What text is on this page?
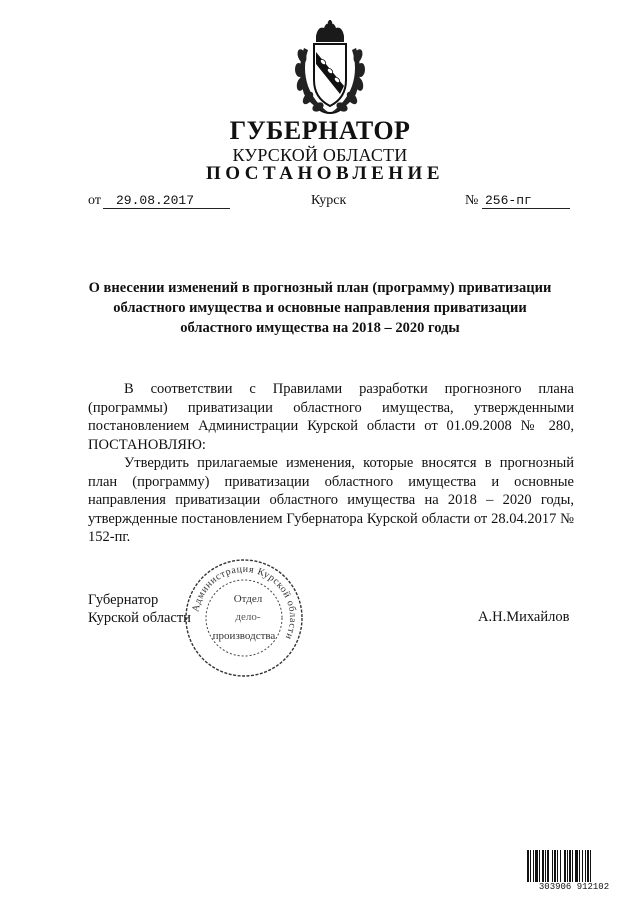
ГУБЕРНАТОР
КУРСКОЙ ОБЛАСТИ
ПОСТАНОВЛЕНИЕ
от 29.08.2017	Курск	№ 256-пг
О внесении изменений в прогнозный план (программу) приватизации областного имущества и основные направления приватизации областного имущества на 2018 – 2020 годы

В соответствии с Правилами разработки прогнозного плана (программы) приватизации областного имущества, утвержденными постановлением Администрации Курской области от 01.09.2008 № 280, ПОСТАНОВЛЯЮ:

Утвердить прилагаемые изменения, которые вносятся в прогнозный план (программу) приватизации областного имущества и основные направления приватизации областного имущества на 2018 – 2020 годы, утвержденные постановлением Губернатора Курской области от 28.04.2017 № 152-пг.

Губернатор
Курской области	А.Н.Михайлов
Администрация Курской области
Отдел
дело-
производства
303906 912102
